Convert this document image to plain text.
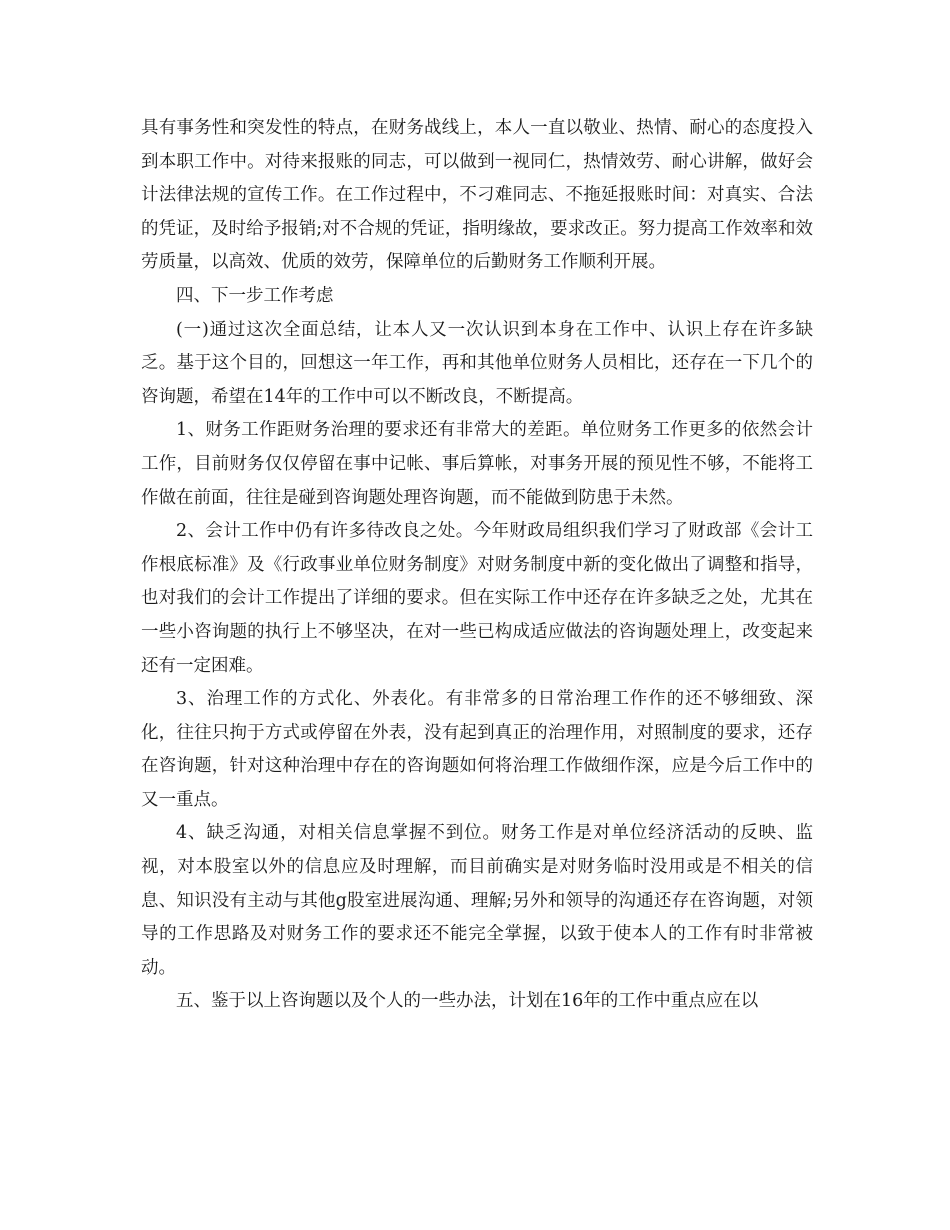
具有事务性和突发性的特点，在财务战线上，本人一直以敬业、热情、耐心的态度投入到本职工作中。对待来报账的同志，可以做到一视同仁，热情效劳、耐心讲解，做好会计法律法规的宣传工作。在工作过程中，不刁难同志、不拖延报账时间：对真实、合法的凭证，及时给予报销;对不合规的凭证，指明缘故，要求改正。努力提高工作效率和效劳质量，以高效、优质的效劳，保障单位的后勤财务工作顺利开展。

四、下一步工作考虑

(一)通过这次全面总结，让本人又一次认识到本身在工作中、认识上存在许多缺乏。基于这个目的，回想这一年工作，再和其他单位财务人员相比，还存在一下几个的咨询题，希望在14年的工作中可以不断改良，不断提高。

1、财务工作距财务治理的要求还有非常大的差距。单位财务工作更多的依然会计工作，目前财务仅仅停留在事中记帐、事后算帐，对事务开展的预见性不够，不能将工作做在前面，往往是碰到咨询题处理咨询题，而不能做到防患于未然。

2、会计工作中仍有许多待改良之处。今年财政局组织我们学习了财政部《会计工作根底标准》及《行政事业单位财务制度》对财务制度中新的变化做出了调整和指导，也对我们的会计工作提出了详细的要求。但在实际工作中还存在许多缺乏之处，尤其在一些小咨询题的执行上不够坚决，在对一些已构成适应做法的咨询题处理上，改变起来还有一定困难。

3、治理工作的方式化、外表化。有非常多的日常治理工作作的还不够细致、深化，往往只拘于方式或停留在外表，没有起到真正的治理作用，对照制度的要求，还存在咨询题，针对这种治理中存在的咨询题如何将治理工作做细作深，应是今后工作中的又一重点。

4、缺乏沟通，对相关信息掌握不到位。财务工作是对单位经济活动的反映、监视，对本股室以外的信息应及时理解，而目前确实是对财务临时没用或是不相关的信息、知识没有主动与其他g股室进展沟通、理解;另外和领导的沟通还存在咨询题，对领导的工作思路及对财务工作的要求还不能完全掌握，以致于使本人的工作有时非常被动。

五、鉴于以上咨询题以及个人的一些办法，计划在16年的工作中重点应在以
